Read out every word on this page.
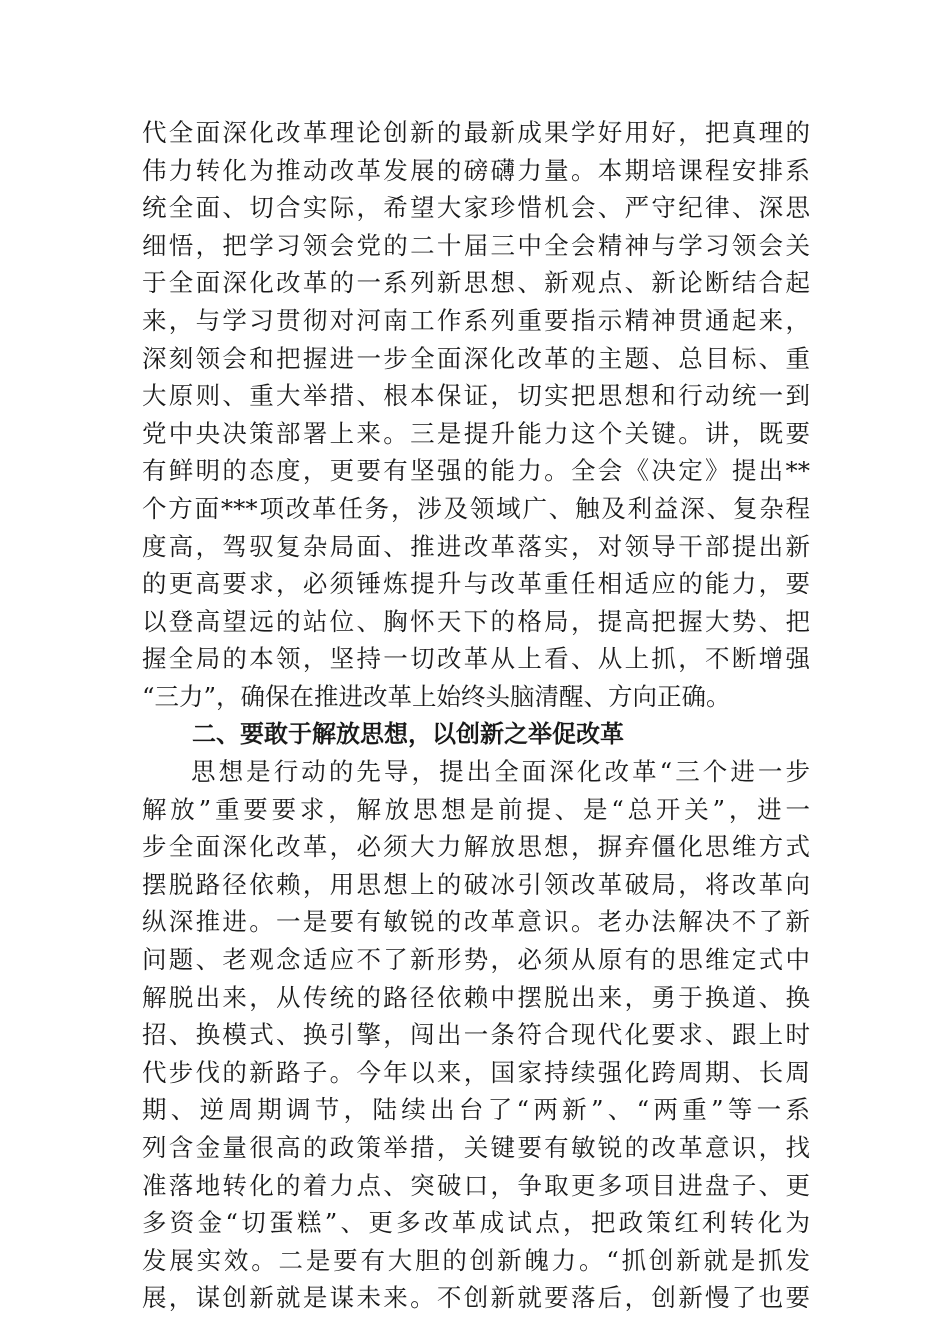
代全面深化改革理论创新的最新成果学好用好，把真理的
伟力转化为推动改革发展的磅礴力量。本期培课程安排系
统全面、切合实际，希望大家珍惜机会、严守纪律、深思
细悟，把学习领会党的二十届三中全会精神与学习领会关
于全面深化改革的一系列新思想、新观点、新论断结合起
来，与学习贯彻对河南工作系列重要指示精神贯通起来，
深刻领会和把握进一步全面深化改革的主题、总目标、重
大原则、重大举措、根本保证，切实把思想和行动统一到
党中央决策部署上来。三是提升能力这个关键。讲，既要
有鲜明的态度，更要有坚强的能力。全会《决定》提出**
个方面***项改革任务，涉及领域广、触及利益深、复杂程
度高，驾驭复杂局面、推进改革落实，对领导干部提出新
的更高要求，必须锤炼提升与改革重任相适应的能力，要
以登高望远的站位、胸怀天下的格局，提高把握大势、把
握全局的本领，坚持一切改革从上看、从上抓，不断增强
“三力”，确保在推进改革上始终头脑清醒、方向正确。
二、要敢于解放思想，以创新之举促改革
思想是行动的先导，提出全面深化改革“三个进一步
解放”重要要求，解放思想是前提、是“总开关”，进一
步全面深化改革，必须大力解放思想，摒弃僵化思维方式
摆脱路径依赖，用思想上的破冰引领改革破局，将改革向
纵深推进。一是要有敏锐的改革意识。老办法解决不了新
问题、老观念适应不了新形势，必须从原有的思维定式中
解脱出来，从传统的路径依赖中摆脱出来，勇于换道、换
招、换模式、换引擎，闯出一条符合现代化要求、跟上时
代步伐的新路子。今年以来，国家持续强化跨周期、长周
期、逆周期调节，陆续出台了“两新”、“两重”等一系
列含金量很高的政策举措，关键要有敏锐的改革意识，找
准落地转化的着力点、突破口，争取更多项目进盘子、更
多资金“切蛋糕”、更多改革成试点，把政策红利转化为
发展实效。二是要有大胆的创新魄力。“抓创新就是抓发
展，谋创新就是谋未来。不创新就要落后，创新慢了也要
